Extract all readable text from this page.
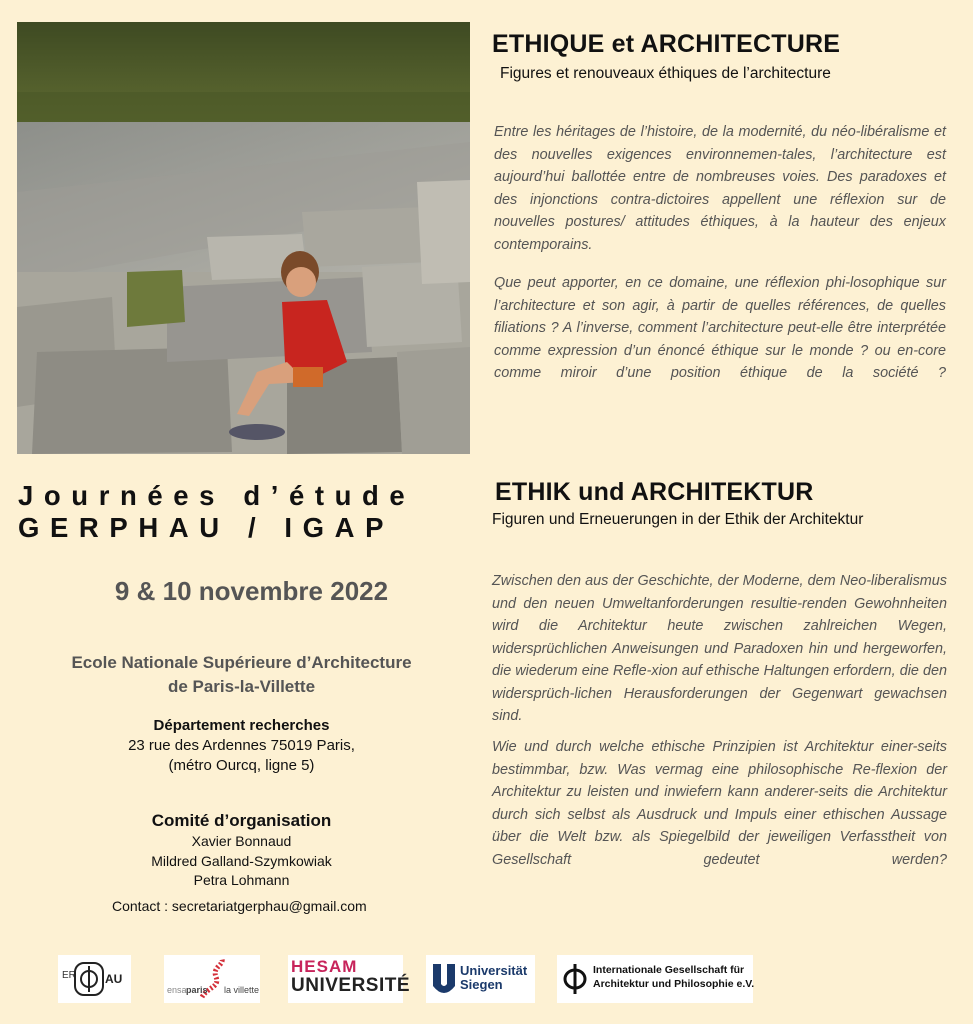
ETHIQUE et ARCHITECTURE
Figures et renouveaux éthiques de l’architecture
Entre les héritages de l’histoire, de la modernité, du néo-libéralisme et des nouvelles exigences environnemen-tales, l’architecture est aujourd’hui ballottée entre de nombreuses voies. Des paradoxes et des injonctions contra-dictoires appellent une réflexion sur de nouvelles postures/ attitudes éthiques, à la hauteur des enjeux contemporains.
Que peut apporter, en ce domaine, une réflexion phi-losophique sur l’architecture et son agir, à partir de quelles références, de quelles filiations ? A l’inverse, comment l’architecture peut-elle être interprétée comme expression d’un énoncé éthique sur le monde ? ou en-core comme miroir d’une position éthique de la société ?
Journées d’étude
GERPHAU / IGAP
ETHIK und ARCHITEKTUR
Figuren und Erneuerungen in der Ethik der Architektur
Zwischen den aus der Geschichte, der Moderne, dem Neo-liberalismus und den neuen Umweltanforderungen resultie-renden Gewohnheiten wird die Architektur heute zwischen zahlreichen Wegen, widersprüchlichen Anweisungen und Paradoxen hin und hergeworfen, die wiederum eine Refle-xion auf ethische Haltungen erfordern, die den widersprüch-lichen Herausforderungen der Gegenwart gewachsen sind.
Wie und durch welche ethische Prinzipien ist Architektur einer-seits bestimmbar, bzw. Was vermag eine philosophische Re-flexion der Architektur zu leisten und inwiefern kann anderer-seits die Architektur durch sich selbst als Ausdruck und Impuls einer ethischen Aussage über die Welt bzw. als Spiegelbild der jeweiligen Verfasstheit von Gesellschaft gedeutet werden?
9 & 10 novembre 2022
Ecole Nationale Supérieure d’Architecture
de Paris-la-Villette
Département recherches
23 rue des Ardennes 75019 Paris,
(métro Ourcq, ligne 5)
Comité d’organisation
Xavier Bonnaud
Mildred Galland-Szymkowiak
Petra Lohmann
Contact : secretariatgerphau@gmail.com
ER AU
ensa paris la villette
HESAM
UNIVERSITÉ
Universität
Siegen
Internationale Gesellschaft für
Architektur und Philosophie e.V.
